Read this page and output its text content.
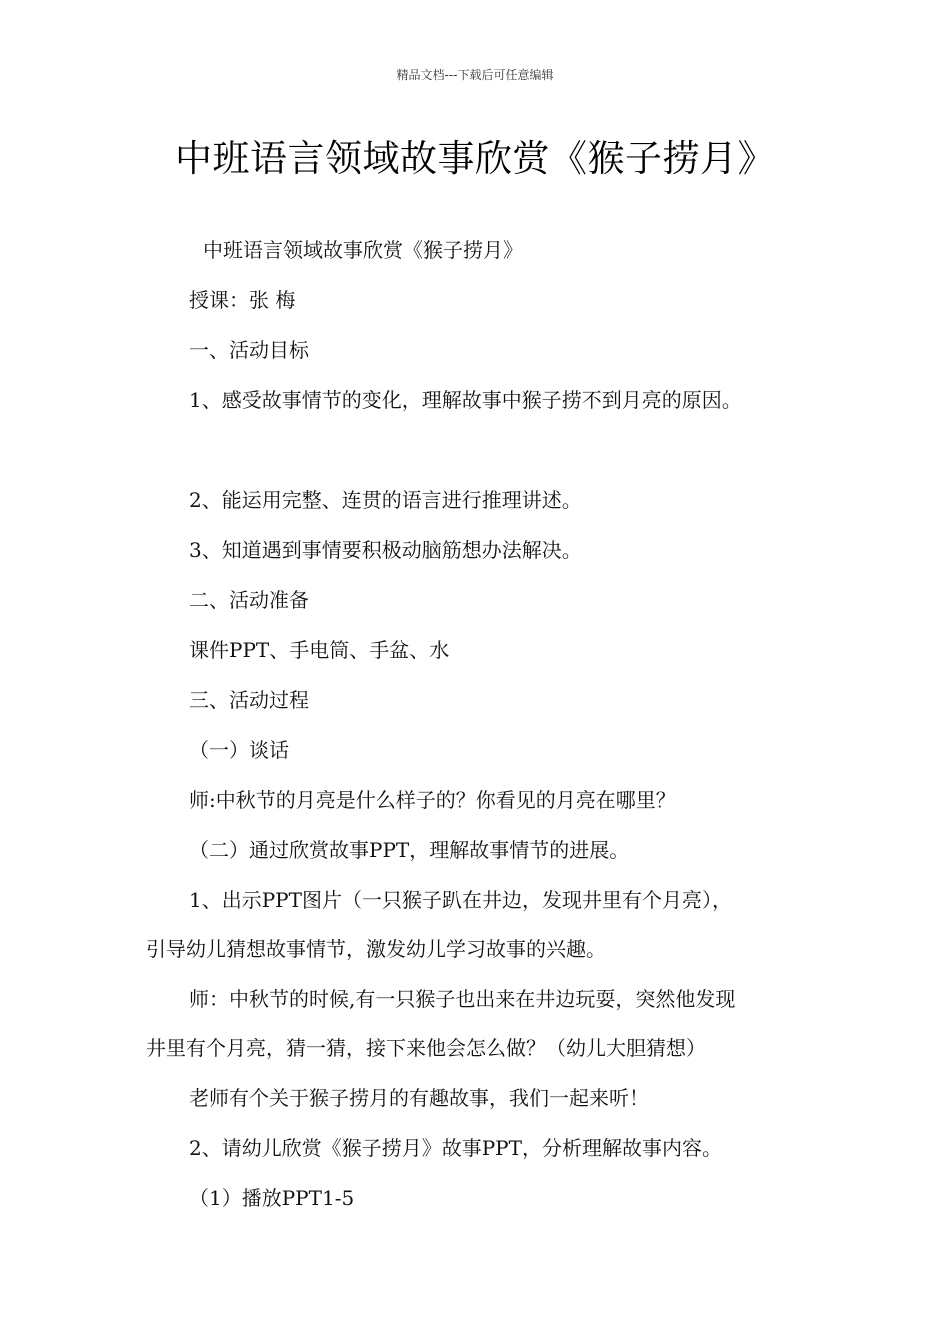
精品文档---下载后可任意编辑
中班语言领域故事欣赏《猴子捞月》
中班语言领域故事欣赏《猴子捞月》
授课：张 梅
一、活动目标
1、感受故事情节的变化，理解故事中猴子捞不到月亮的原因。
2、能运用完整、连贯的语言进行推理讲述。
3、知道遇到事情要积极动脑筋想办法解决。
二、活动准备
课件PPT、手电筒、手盆、水
三、活动过程
（一）谈话
师:中秋节的月亮是什么样子的？你看见的月亮在哪里？
（二）通过欣赏故事PPT，理解故事情节的进展。
1、出示PPT图片（一只猴子趴在井边，发现井里有个月亮），
引导幼儿猜想故事情节，激发幼儿学习故事的兴趣。
师：中秋节的时候,有一只猴子也出来在井边玩耍，突然他发现
井里有个月亮，猜一猜，接下来他会怎么做？（幼儿大胆猜想）
老师有个关于猴子捞月的有趣故事，我们一起来听！
2、请幼儿欣赏《猴子捞月》故事PPT，分析理解故事内容。
（1）播放PPT1-5
